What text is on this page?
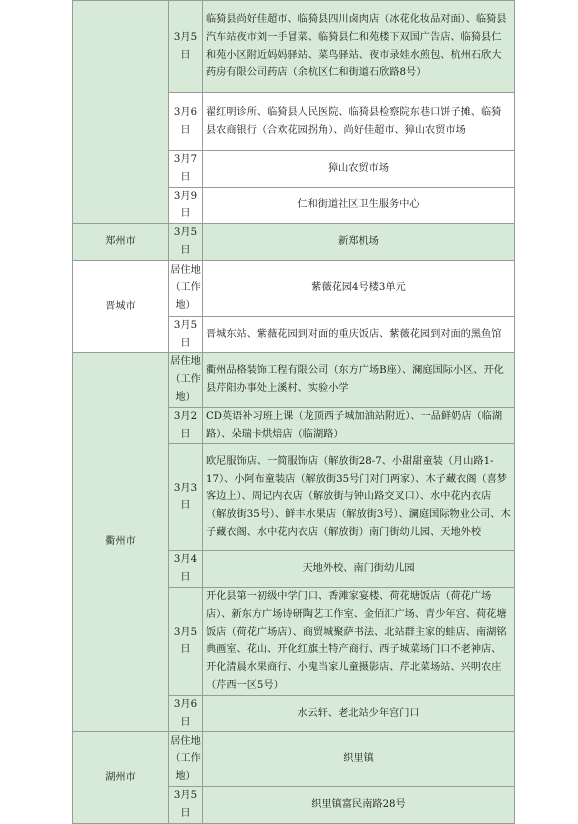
	3月5日	临猗县尚好佳超市、临猗县四川卤肉店（冰花化妆品对面）、临猗县汽车站夜市刘一手冒菜、临猗县仁和苑楼下双国广告店、临猗县仁和苑小区附近妈妈驿站、菜鸟驿站、夜市录娃水煎包、杭州石欣大药房有限公司药店（余杭区仁和街道石欣路8号）
	3月6日	翟红明诊所、临猗县人民医院、临猗县检察院东巷口饼子摊、临猗县农商银行（合欢花园拐角）、尚好佳超市、獐山农贸市场
	3月7日	獐山农贸市场
	3月9日	仁和街道社区卫生服务中心
郑州市	3月5日	新郑机场
晋城市	居住地（工作地）	紫薇花园4号楼3单元
	3月5日	晋城东站、紫薇花园到对面的重庆饭店、紫薇花园到对面的黑鱼馆
衢州市	居住地（工作地）	衢州品格装饰工程有限公司（东方广场B座）、澜庭国际小区、开化县芹阳办事处上溪村、实验小学
	3月2日	CD英语补习班上课（龙顶西子城加油站附近）、一品鲜奶店（临湖路）、朵瑞卡烘焙店（临湖路）
	3月3日	欧尼服饰店、一简服饰店（解放街28-7、小甜甜童装（月山路1-17）、小阿布童装店（解放街35号门对门两家）、木子藏衣阁（喜梦客边上）、周记内衣店（解放街与钟山路交叉口）、水中花内衣店（解放街35号）、鲜丰水果店（解放街3号）、澜庭国际物业公司、木子藏衣阁、水中花内衣店（解放街）南门街幼儿园、天地外校
	3月4日	天地外校、南门街幼儿园
	3月5日	开化县第一初级中学门口、香滩家宴楼、荷花塘饭店（荷花广场店）、新东方广场诗研陶艺工作室、金佰汇广场、青少年宫、荷花塘饭店（荷花广场店）、商贸城聚萨书法、北站群主家的蛙店、南湖铭典画室、花山、开化红旗土特产商行、西子城菜场门口不老神店、开化清晨水果商行、小鬼当家儿童摄影店、芹北菜场站、兴明农庄（芹西一区5号）
	3月6日	水云轩、老北站少年宫门口
湖州市	居住地（工作地）	织里镇
	3月5日	织里镇富民南路28号
